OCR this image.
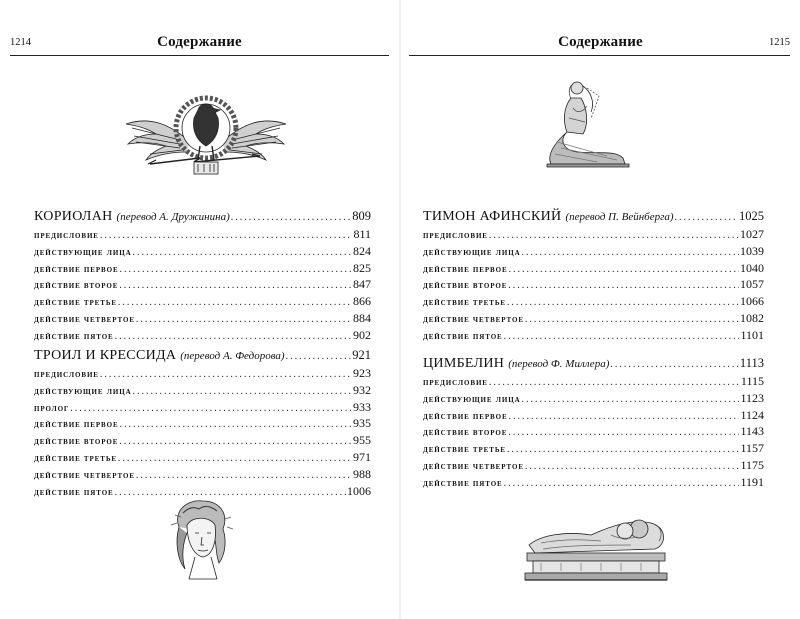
1214	Содержание
КОРИОЛАН (перевод А. Дружинина) .....	809
предисловие .....	811
действующие лица .....	824
действие первое .....	825
действие второе .....	847
действие третье .....	866
действие четвертое .....	884
действие пятое .....	902
ТРОИЛ И КРЕССИДА (перевод А. Федорова) .....	921
предисловие .....	923
действующие лица .....	932
пролог .....	933
действие первое .....	935
действие второе .....	955
действие третье .....	971
действие четвертое .....	988
действие пятое .....	1006
Содержание	1215
ТИМОН АФИНСКИЙ (перевод П. Вейнберга) .....	1025
предисловие .....	1027
действующие лица .....	1039
действие первое .....	1040
действие второе .....	1057
действие третье .....	1066
действие четвертое .....	1082
действие пятое .....	1101
ЦИМБЕЛИН (перевод Ф. Миллера) .....	1113
предисловие .....	1115
действующие лица .....	1123
действие первое .....	1124
действие второе .....	1143
действие третье .....	1157
действие четвертое .....	1175
действие пятое .....	1191
